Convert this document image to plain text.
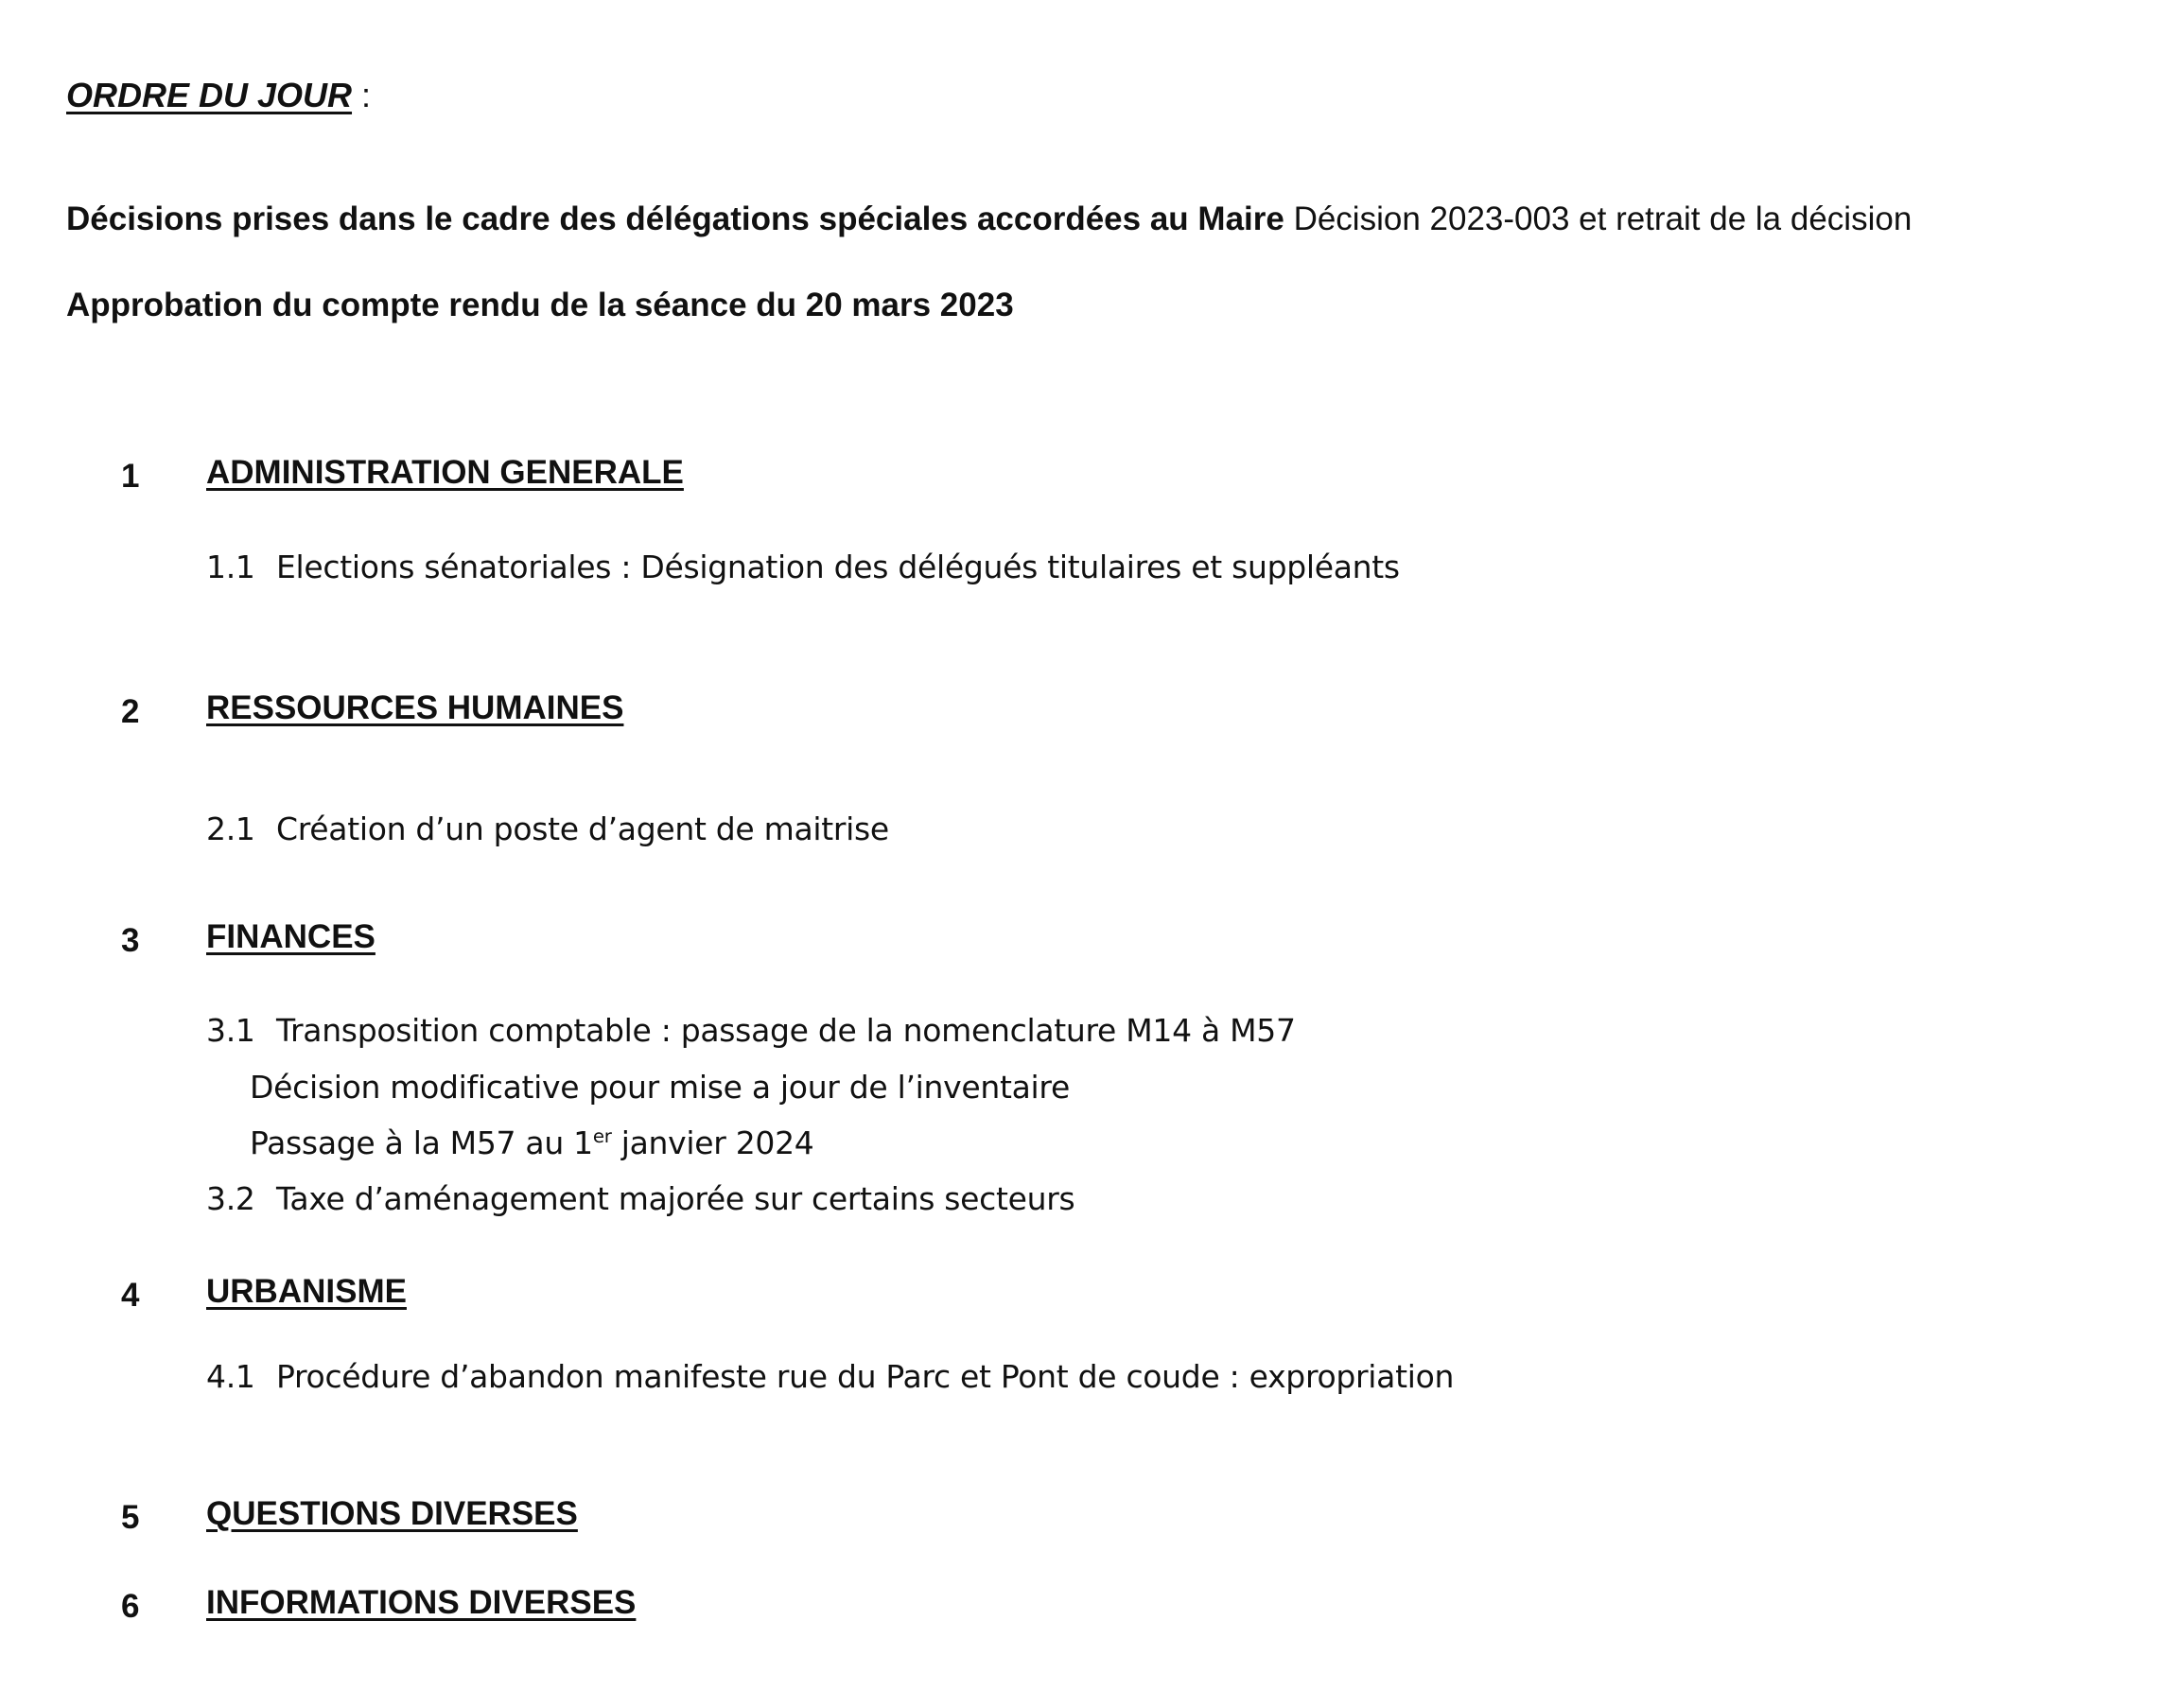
ORDRE DU JOUR :
Décisions prises dans le cadre des délégations spéciales accordées au Maire Décision 2023-003 et retrait de la décision
Approbation du compte rendu de la séance du 20 mars 2023
1 ADMINISTRATION GENERALE
1.1 Elections sénatoriales : Désignation des délégués titulaires et suppléants
2 RESSOURCES HUMAINES
2.1 Création d’un poste d’agent de maitrise
3 FINANCES
3.1 Transposition comptable : passage de la nomenclature M14 à M57
Décision modificative pour mise a jour de l’inventaire
Passage à la M57 au 1er janvier 2024
3.2 Taxe d’aménagement majorée sur certains secteurs
4 URBANISME
4.1 Procédure d’abandon manifeste rue du Parc et Pont de coude : expropriation
5 QUESTIONS DIVERSES
6 INFORMATIONS DIVERSES
